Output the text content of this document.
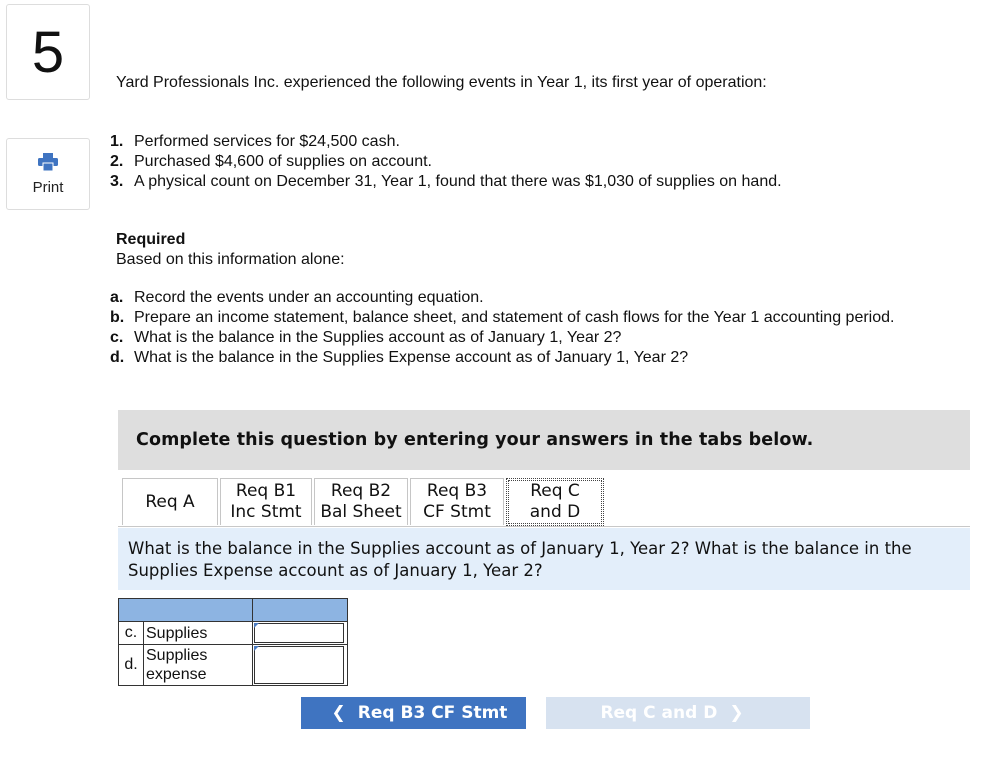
5
Print
Yard Professionals Inc. experienced the following events in Year 1, its first year of operation:
1. Performed services for $24,500 cash.
2. Purchased $4,600 of supplies on account.
3. A physical count on December 31, Year 1, found that there was $1,030 of supplies on hand.
Required
Based on this information alone:
a. Record the events under an accounting equation.
b. Prepare an income statement, balance sheet, and statement of cash flows for the Year 1 accounting period.
c. What is the balance in the Supplies account as of January 1, Year 2?
d. What is the balance in the Supplies Expense account as of January 1, Year 2?
Complete this question by entering your answers in the tabs below.
Req A
Req B1
Inc Stmt
Req B2
Bal Sheet
Req B3
CF Stmt
Req C
and D
What is the balance in the Supplies account as of January 1, Year 2? What is the balance in the Supplies Expense account as of January 1, Year 2?

c.	Supplies	

d.	Supplies expense	
❮ Req B3 CF Stmt	Req C and D ❯
